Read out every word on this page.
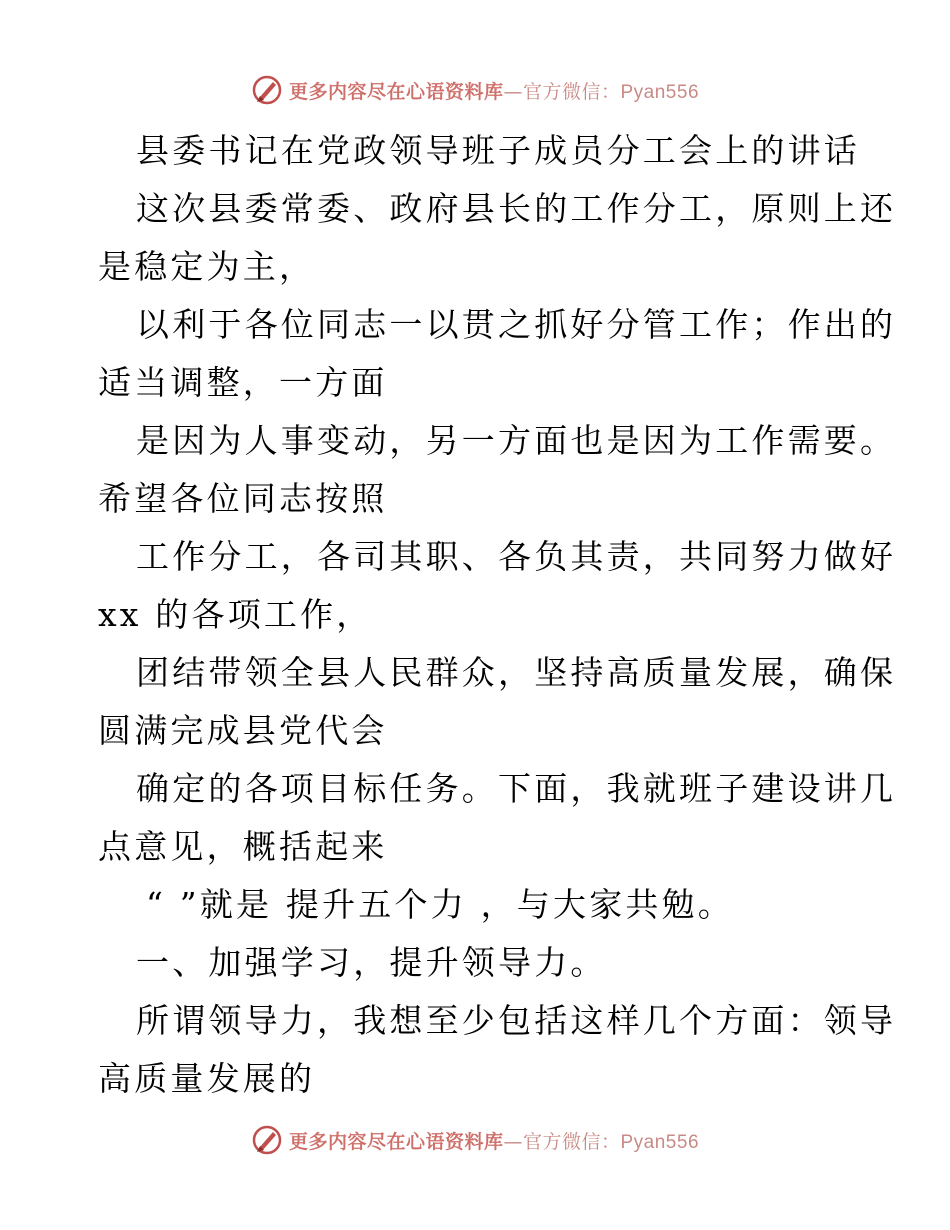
更多内容尽在心语资料库—官方微信：Pyan556
县委书记在党政领导班子成员分工会上的讲话
这次县委常委、政府县长的工作分工，原则上还
是稳定为主，
以利于各位同志一以贯之抓好分管工作；作出的
适当调整，一方面
是因为人事变动，另一方面也是因为工作需要。
希望各位同志按照
工作分工，各司其职、各负其责，共同努力做好
xx 的各项工作，
团结带领全县人民群众，坚持高质量发展，确保
圆满完成县党代会
确定的各项目标任务。下面，我就班子建设讲几
点意见，概括起来
“ ”就是 提升五个力 ，与大家共勉。
一、加强学习，提升领导力。
所谓领导力，我想至少包括这样几个方面：领导
高质量发展的
更多内容尽在心语资料库—官方微信：Pyan556
